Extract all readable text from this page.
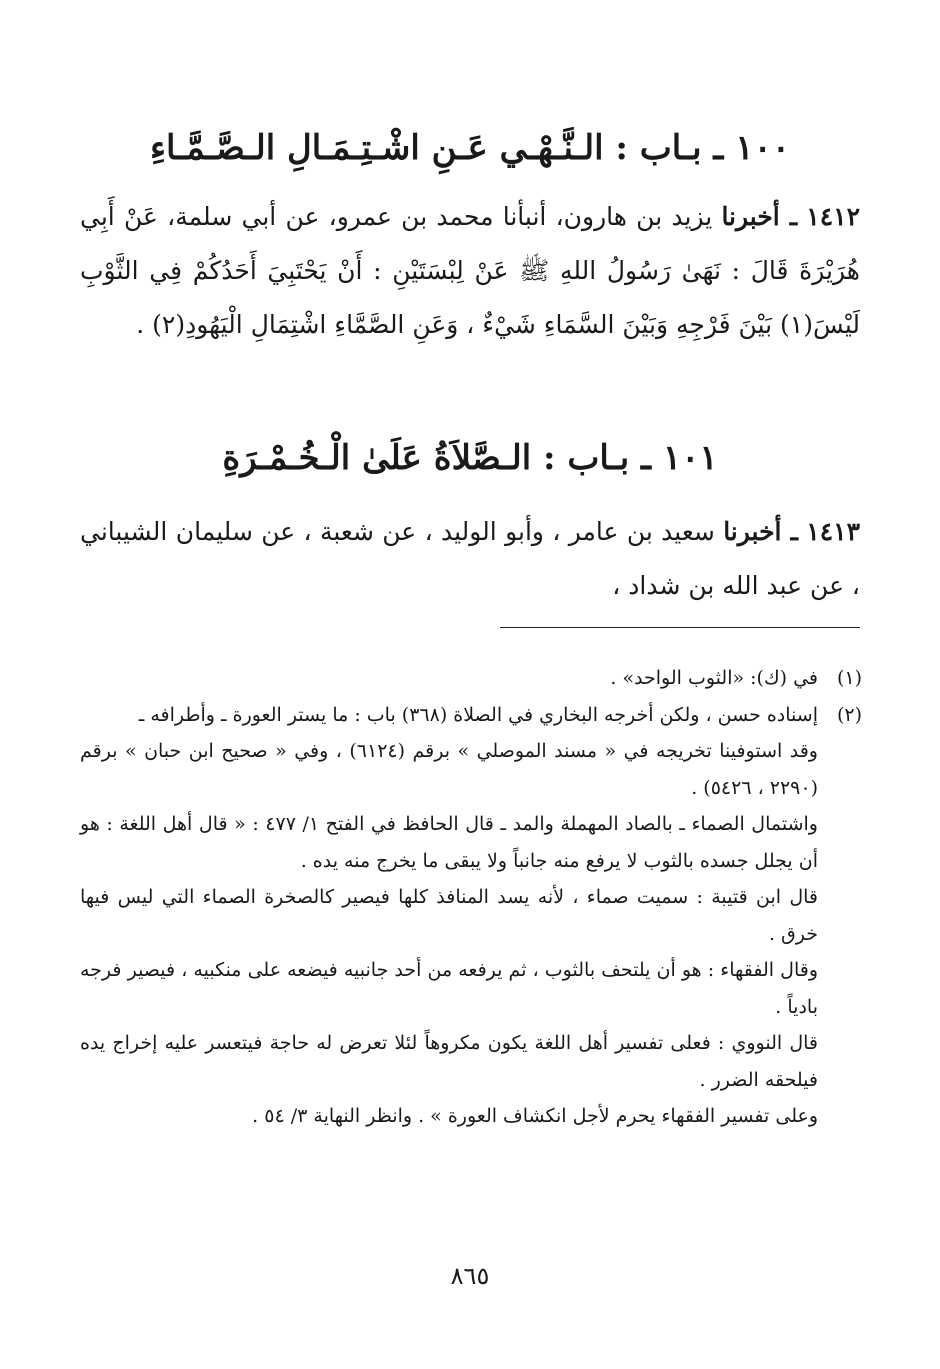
١٠٠ ـ بـاب : الـنَّـهْـي عَـنِ اشْـتِـمَـالِ الـصَّـمَّـاءِ
١٤١٢ ـ أخبرنا يزيد بن هارون، أنبأنا محمد بن عمرو، عن أبي سلمة، عَنْ أَبِي هُرَيْرَةَ قَالَ : نَهَىٰ رَسُولُ اللهِ ﷺ عَنْ لِبْسَتَيْنِ : أَنْ يَحْتَبِيَ أَحَدُكُمْ فِي الثَّوْبِ لَيْسَ(١) بَيْنَ فَرْجِهِ وَبَيْنَ السَّمَاءِ شَيْءٌ ، وَعَنِ الصَّمَّاءِ اشْتِمَالِ الْيَهُودِ(٢) .
١٠١ ـ بـاب : الـصَّلاَةُ عَلَىٰ الْـخُـمْـرَةِ
١٤١٣ ـ أخبرنا سعيد بن عامر ، وأبو الوليد ، عن شعبة ، عن سليمان الشيباني ، عن عبد الله بن شداد ،
(١)

في (ك): «الثوب الواحد» .

(٢)

إسناده حسن ، ولكن أخرجه البخاري في الصلاة (٣٦٨) باب : ما يستر العورة ـ وأطرافه ـ

وقد استوفينا تخريجه في « مسند الموصلي » برقم (٦١٢٤) ، وفي « صحيح ابن حبان » برقم (٢٢٩٠ ، ٥٤٢٦) .

واشتمال الصماء ـ بالصاد المهملة والمد ـ قال الحافظ في الفتح ١/ ٤٧٧ : « قال أهل اللغة : هو أن يجلل جسده بالثوب لا يرفع منه جانباً ولا يبقى ما يخرج منه يده .

قال ابن قتيبة : سميت صماء ، لأنه يسد المنافذ كلها فيصير كالصخرة الصماء التي ليس فيها خرق .

وقال الفقهاء : هو أن يلتحف بالثوب ، ثم يرفعه من أحد جانبيه فيضعه على منكبيه ، فيصير فرجه بادياً .

قال النووي : فعلى تفسير أهل اللغة يكون مكروهاً لئلا تعرض له حاجة فيتعسر عليه إخراج يده فيلحقه الضرر .

وعلى تفسير الفقهاء يحرم لأجل انكشاف العورة » . وانظر النهاية ٣/ ٥٤ .

٨٦٥
